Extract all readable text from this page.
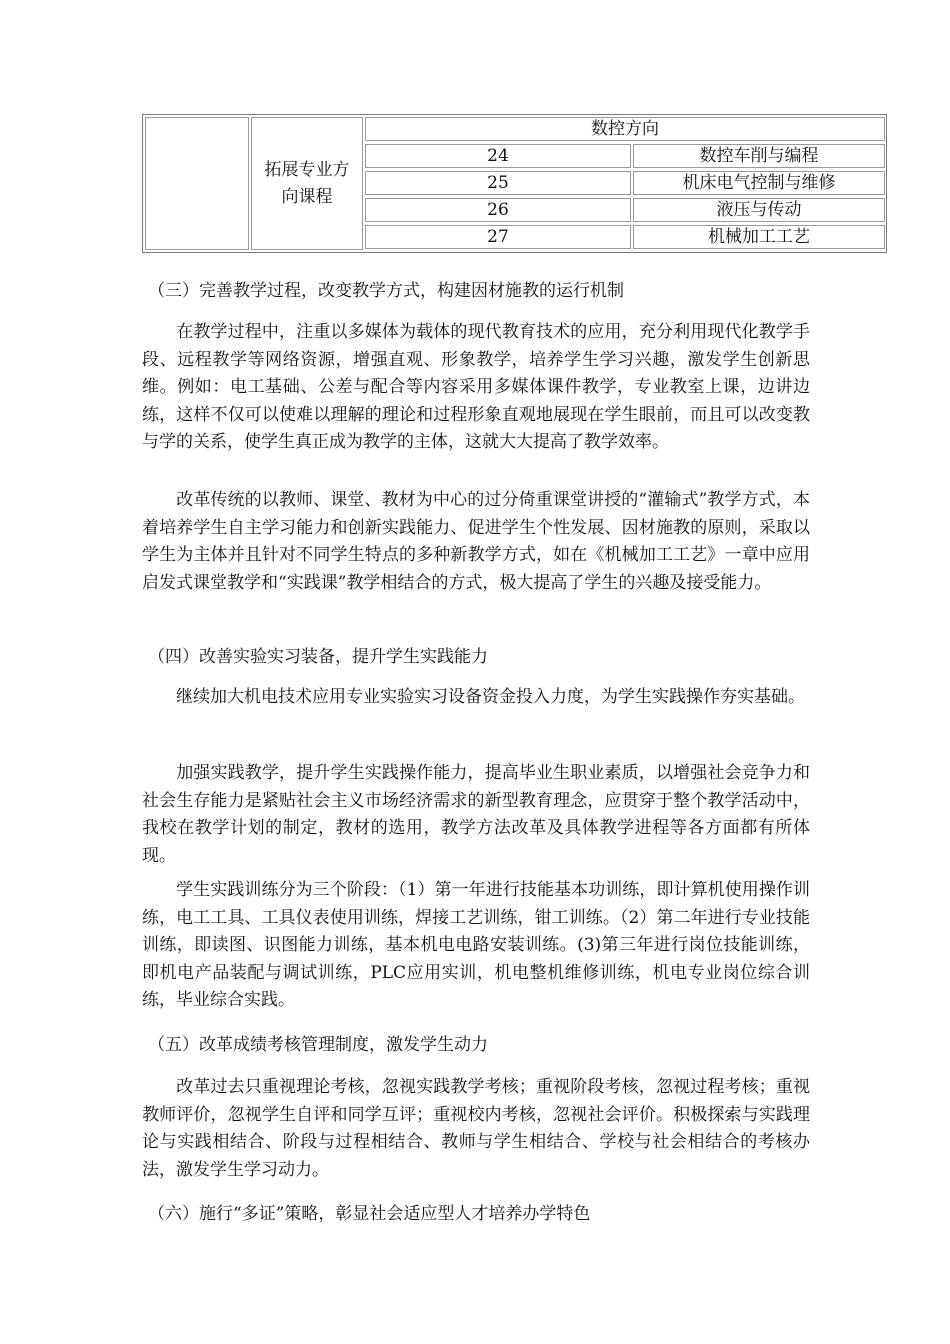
拓展专业方向课程
数控方向
24	数控车削与编程
25	机床电气控制与维修
26	液压与传动
27	机械加工工艺
（三）完善教学过程，改变教学方式，构建因材施教的运行机制

　　在教学过程中，注重以多媒体为载体的现代教育技术的应用，充分利用现代化教学手段、远程教学等网络资源，增强直观、形象教学，培养学生学习兴趣，激发学生创新思维。例如：电工基础、公差与配合等内容采用多媒体课件教学，专业教室上课，边讲边练，这样不仅可以使难以理解的理论和过程形象直观地展现在学生眼前，而且可以改变教与学的关系，使学生真正成为教学的主体，这就大大提高了教学效率。

　　改革传统的以教师、课堂、教材为中心的过分倚重课堂讲授的“灌输式”教学方式，本着培养学生自主学习能力和创新实践能力、促进学生个性发展、因材施教的原则，采取以学生为主体并且针对不同学生特点的多种新教学方式，如在《机械加工工艺》一章中应用启发式课堂教学和“实践课”教学相结合的方式，极大提高了学生的兴趣及接受能力。

（四）改善实验实习装备，提升学生实践能力

　　继续加大机电技术应用专业实验实习设备资金投入力度，为学生实践操作夯实基础。

　　加强实践教学，提升学生实践操作能力，提高毕业生职业素质，以增强社会竞争力和社会生存能力是紧贴社会主义市场经济需求的新型教育理念，应贯穿于整个教学活动中，我校在教学计划的制定，教材的选用，教学方法改革及具体教学进程等各方面都有所体现。

　　学生实践训练分为三个阶段：（1）第一年进行技能基本功训练，即计算机使用操作训练，电工工具、工具仪表使用训练，焊接工艺训练，钳工训练。（2）第二年进行专业技能训练，即读图、识图能力训练，基本机电电路安装训练。(3)第三年进行岗位技能训练，即机电产品装配与调试训练，PLC应用实训，机电整机维修训练，机电专业岗位综合训练，毕业综合实践。

（五）改革成绩考核管理制度，激发学生动力

　　改革过去只重视理论考核，忽视实践教学考核；重视阶段考核，忽视过程考核；重视教师评价，忽视学生自评和同学互评；重视校内考核，忽视社会评价。积极探索与实践理论与实践相结合、阶段与过程相结合、教师与学生相结合、学校与社会相结合的考核办法，激发学生学习动力。

（六）施行“多证”策略，彰显社会适应型人才培养办学特色
